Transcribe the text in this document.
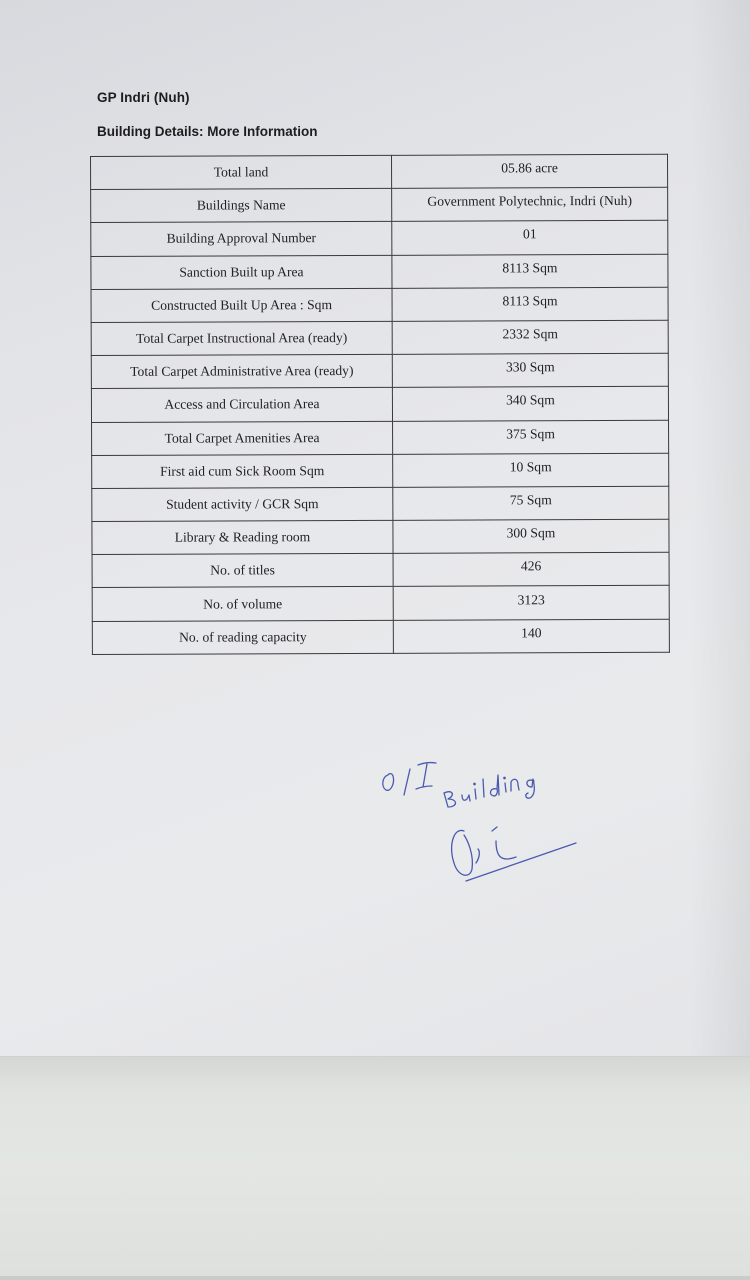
GP Indri (Nuh)
Building Details: More Information
Total land	05.86 acre
Buildings Name	Government Polytechnic, Indri (Nuh)
Building Approval Number	01
Sanction Built up Area	8113 Sqm
Constructed Built Up Area : Sqm	8113 Sqm
Total Carpet Instructional Area (ready)	2332 Sqm
Total Carpet Administrative Area (ready)	330 Sqm
Access and Circulation Area	340 Sqm
Total Carpet Amenities Area	375 Sqm
First aid cum Sick Room Sqm	10 Sqm
Student activity / GCR Sqm	75 Sqm
Library & Reading room	300 Sqm
No. of titles	426
No. of volume	3123
No. of reading capacity	140
